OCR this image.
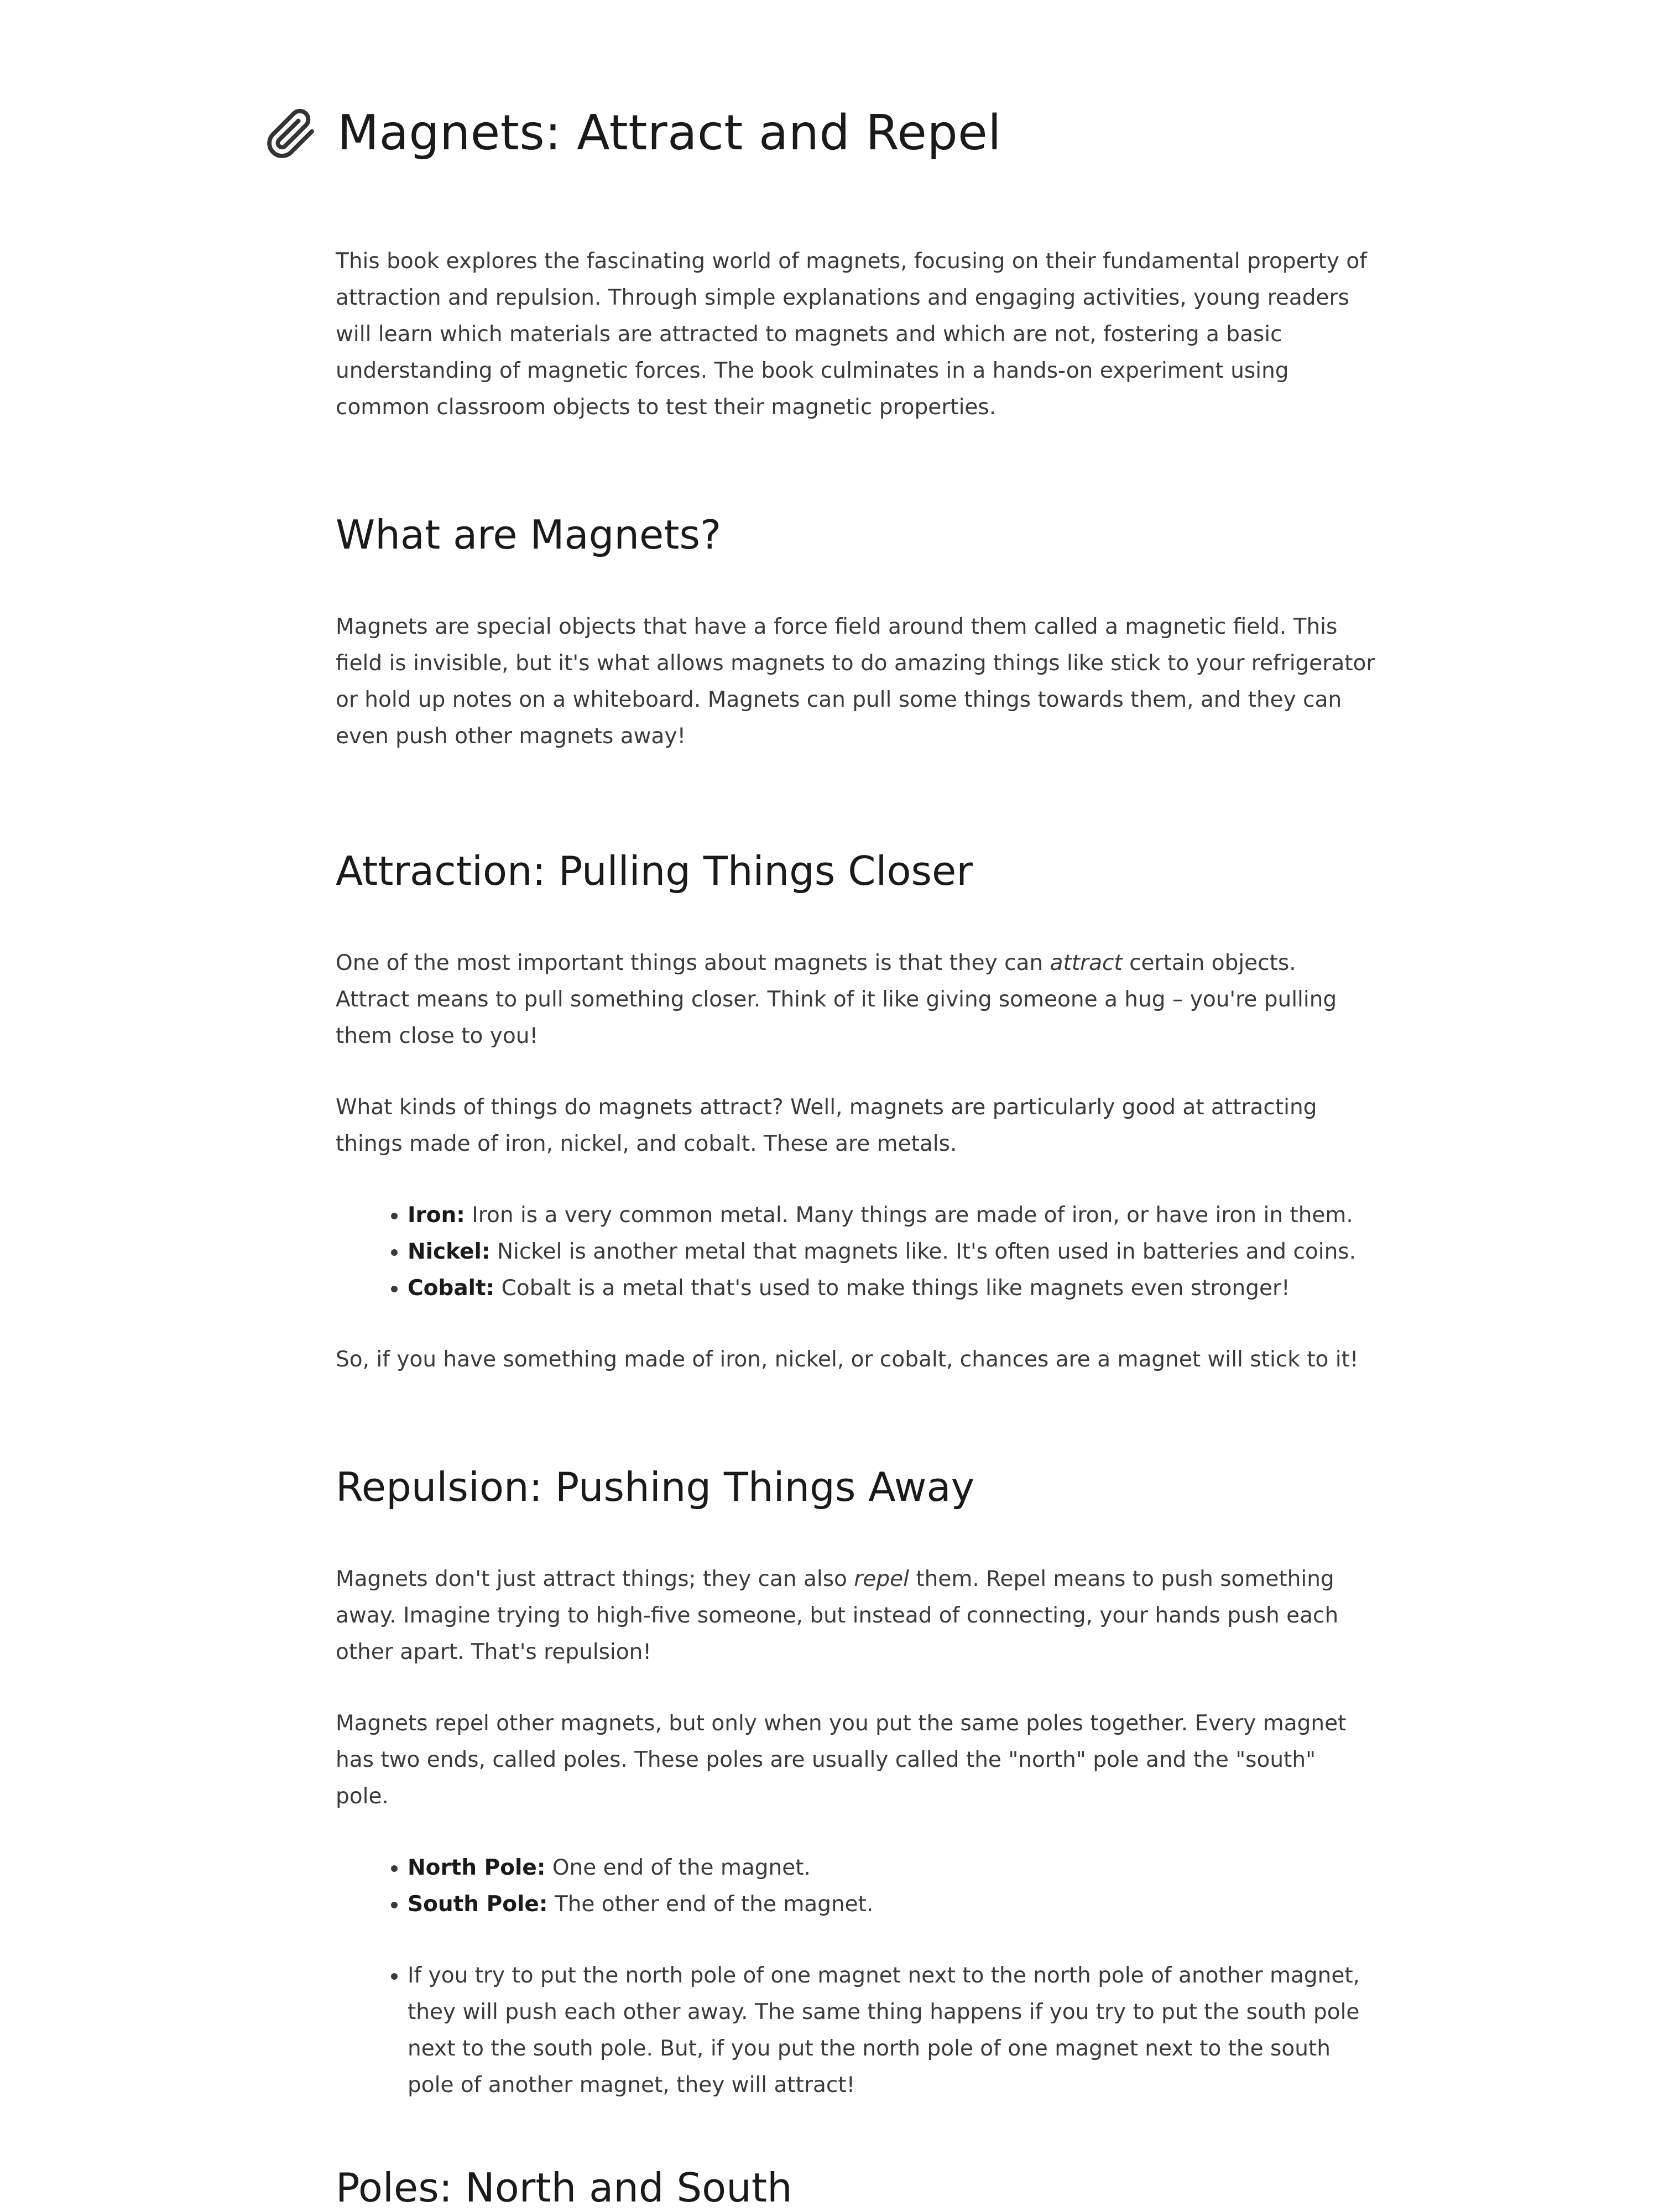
Magnets: Attract and Repel

This book explores the fascinating world of magnets, focusing on their fundamental property of attraction and repulsion. Through simple explanations and engaging activities, young readers will learn which materials are attracted to magnets and which are not, fostering a basic understanding of magnetic forces. The book culminates in a hands-on experiment using common classroom objects to test their magnetic properties.

What are Magnets?

Magnets are special objects that have a force field around them called a magnetic field. This field is invisible, but it's what allows magnets to do amazing things like stick to your refrigerator or hold up notes on a whiteboard. Magnets can pull some things towards them, and they can even push other magnets away!

Attraction: Pulling Things Closer

One of the most important things about magnets is that they can attract certain objects. Attract means to pull something closer. Think of it like giving someone a hug – you're pulling them close to you!

What kinds of things do magnets attract? Well, magnets are particularly good at attracting things made of iron, nickel, and cobalt. These are metals.

• Iron: Iron is a very common metal. Many things are made of iron, or have iron in them.
• Nickel: Nickel is another metal that magnets like. It's often used in batteries and coins.
• Cobalt: Cobalt is a metal that's used to make things like magnets even stronger!

So, if you have something made of iron, nickel, or cobalt, chances are a magnet will stick to it!

Repulsion: Pushing Things Away

Magnets don't just attract things; they can also repel them. Repel means to push something away. Imagine trying to high-five someone, but instead of connecting, your hands push each other apart. That's repulsion!

Magnets repel other magnets, but only when you put the same poles together. Every magnet has two ends, called poles. These poles are usually called the "north" pole and the "south" pole.

• North Pole: One end of the magnet.
• South Pole: The other end of the magnet.
• If you try to put the north pole of one magnet next to the north pole of another magnet, they will push each other away. The same thing happens if you try to put the south pole next to the south pole. But, if you put the north pole of one magnet next to the south pole of another magnet, they will attract!
Poles: North and South
